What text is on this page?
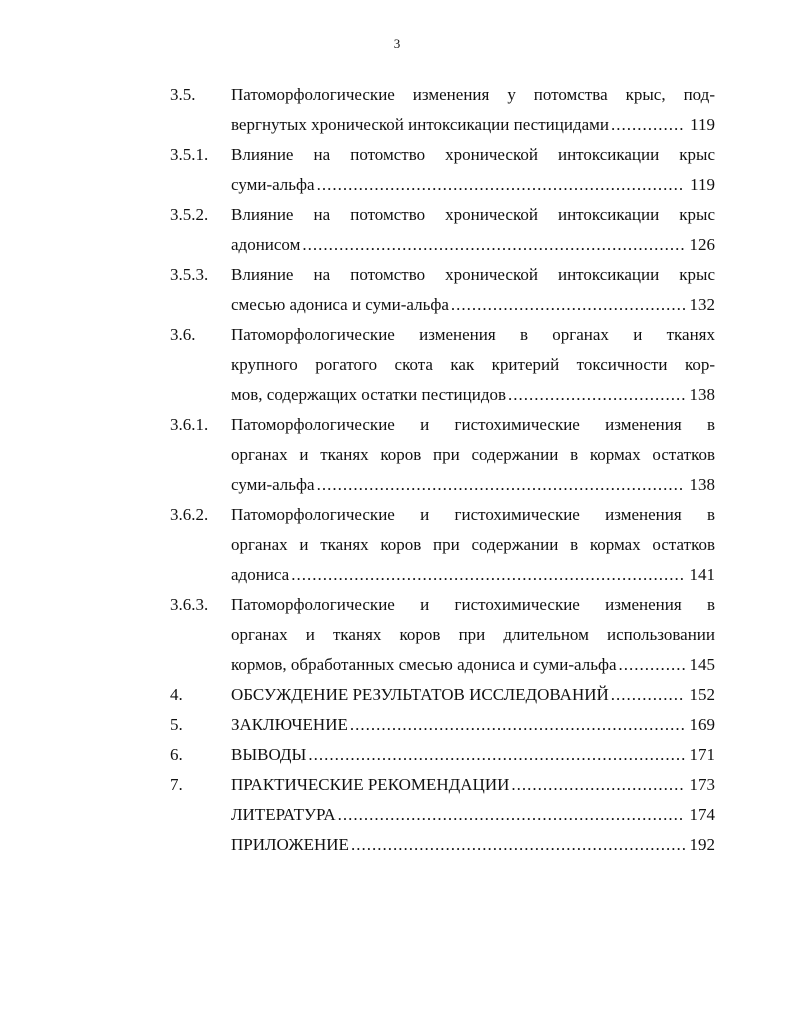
3
3.5.	Патоморфологические изменения у потомства крыс, под-
вергнутых хронической интоксикации пестицидами .....	119
3.5.1.	Влияние на потомство хронической интоксикации крыс
суми-альфа .....	119
3.5.2.	Влияние на потомство хронической интоксикации крыс
адонисом .....	126
3.5.3.	Влияние на потомство хронической интоксикации крыс
смесью адониса и суми-альфа .....	132
3.6.	Патоморфологические изменения в органах и тканях
крупного рогатого скота как критерий токсичности кор-
мов, содержащих остатки пестицидов .....	138
3.6.1.	Патоморфологические и гистохимические изменения в
органах и тканях коров при содержании в кормах остатков
суми-альфа .....	138
3.6.2.	Патоморфологические и гистохимические изменения в
органах и тканях коров при содержании в кормах остатков
адониса .....	141
3.6.3.	Патоморфологические и гистохимические изменения в
органах и тканях коров при длительном использовании
кормов, обработанных смесью адониса и суми-альфа .....	145
4.	ОБСУЖДЕНИЕ РЕЗУЛЬТАТОВ ИССЛЕДОВАНИЙ .....	152
5.	ЗАКЛЮЧЕНИЕ .....	169
6.	ВЫВОДЫ .....	171
7.	ПРАКТИЧЕСКИЕ РЕКОМЕНДАЦИИ .....	173
ЛИТЕРАТУРА .....	174
ПРИЛОЖЕНИЕ .....	192
